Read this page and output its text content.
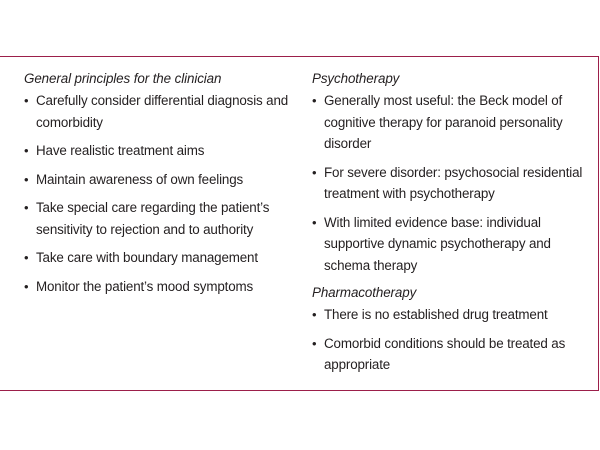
General principles for the clinician

• Carefully consider differential diagnosis and comorbidity
• Have realistic treatment aims
• Maintain awareness of own feelings
• Take special care regarding the patient’s sensitivity to rejection and to authority
• Take care with boundary management
• Monitor the patient’s mood symptoms

Psychotherapy

• Generally most useful: the Beck model of cognitive therapy for paranoid personality disorder
• For severe disorder: psychosocial residential treatment with psychotherapy
• With limited evidence base: individual supportive dynamic psychotherapy and schema therapy

Pharmacotherapy

• There is no established drug treatment
• Comorbid conditions should be treated as appropriate
